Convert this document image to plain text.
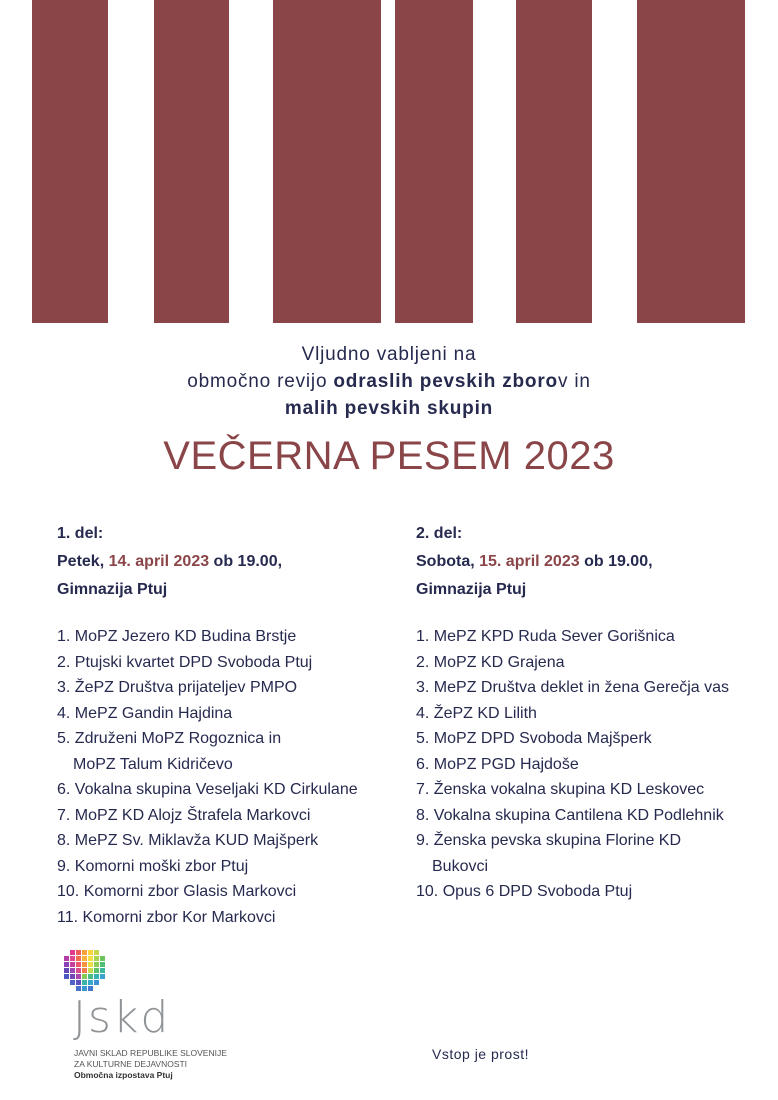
Vljudno vabljeni na
območno revijo odraslih pevskih zborov in
malih pevskih skupin
VEČERNA PESEM 2023
1. del:
Petek, 14. april 2023 ob 19.00,
Gimnazija Ptuj
1. MoPZ Jezero KD Budina Brstje
2. Ptujski kvartet DPD Svoboda Ptuj
3. ŽePZ Društva prijateljev PMPO
4. MePZ Gandin Hajdina
5. Združeni MoPZ Rogoznica in
MoPZ Talum Kidričevo
6. Vokalna skupina Veseljaki KD Cirkulane
7. MoPZ KD Alojz Štrafela Markovci
8. MePZ Sv. Miklavža KUD Majšperk
9. Komorni moški zbor Ptuj
10. Komorni zbor Glasis Markovci
11. Komorni zbor Kor Markovci
2. del:
Sobota, 15. april 2023 ob 19.00,
Gimnazija Ptuj
1. MePZ KPD Ruda Sever Gorišnica
2. MoPZ KD Grajena
3. MePZ Društva deklet in žena Gerečja vas
4. ŽePZ KD Lilith
5. MoPZ DPD Svoboda Majšperk
6. MoPZ PGD Hajdoše
7. Ženska vokalna skupina KD Leskovec
8. Vokalna skupina Cantilena KD Podlehnik
9. Ženska pevska skupina Florine KD
Bukovci
10. Opus 6 DPD Svoboda Ptuj
Jskd
JAVNI SKLAD REPUBLIKE SLOVENIJE
ZA KULTURNE DEJAVNOSTI
Območna izpostava Ptuj
Vstop je prost!
